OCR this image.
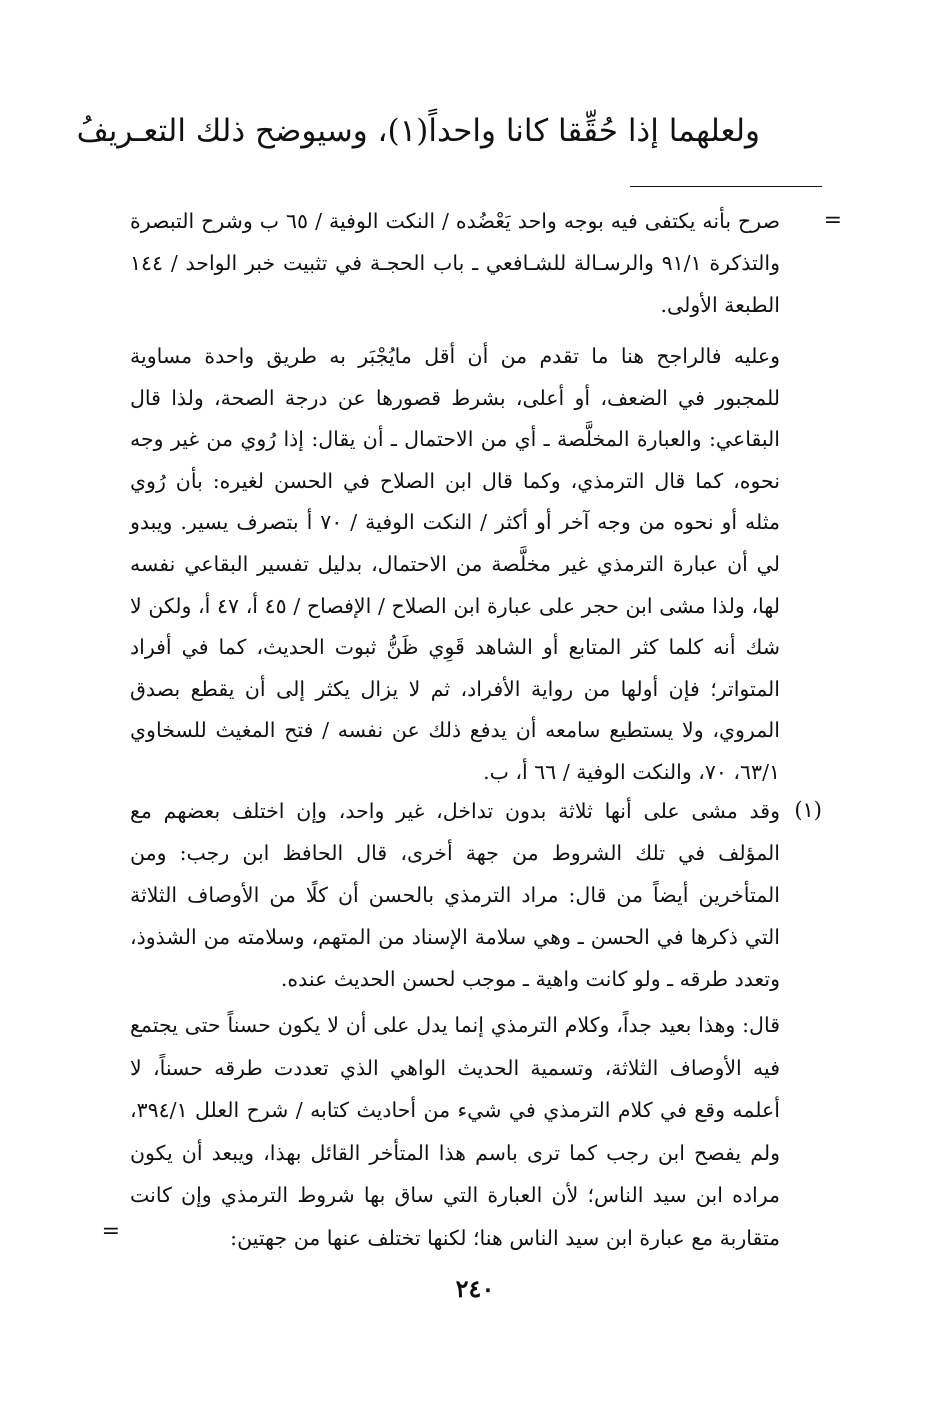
ولعلهما إذا حُقِّقا كانا واحداً(١)، وسيوضح ذلك التعـريفُ
=
صرح بأنه يكتفى فيه بوجه واحد يَعْضُده / النكت الوفية / ٦٥ ب وشرح التبصرة والتذكرة ٩١/١ والرسـالة للشـافعي ـ باب الحجـة في تثبيت خبر الواحد / ١٤٤ الطبعة الأولى.
وعليه فالراجح هنا ما تقدم من أن أقل مايُجْبَر به طريق واحدة مساوية للمجبور في الضعف، أو أعلى، بشرط قصورها عن درجة الصحة، ولذا قال البقاعي: والعبارة المخلَّصة ـ أي من الاحتمال ـ أن يقال: إذا رُوي من غير وجه نحوه، كما قال الترمذي، وكما قال ابن الصلاح في الحسن لغيره: بأن رُوي مثله أو نحوه من وجه آخر أو أكثر / النكت الوفية / ٧٠ أ بتصرف يسير. ويبدو لي أن عبارة الترمذي غير مخلَّصة من الاحتمال، بدليل تفسير البقاعي نفسه لها، ولذا مشى ابن حجر على عبارة ابن الصلاح / الإفصاح / ٤٥ أ، ٤٧ أ، ولكن لا شك أنه كلما كثر المتابع أو الشاهد قَوِي ظَنُّ ثبوت الحديث، كما في أفراد المتواتر؛ فإن أولها من رواية الأفراد، ثم لا يزال يكثر إلى أن يقطع بصدق المروي، ولا يستطيع سامعه أن يدفع ذلك عن نفسه / فتح المغيث للسخاوي ٦٣/١، ٧٠، والنكت الوفية / ٦٦ أ، ب.
(١)
وقد مشى على أنها ثلاثة بدون تداخل، غير واحد، وإن اختلف بعضهم مع المؤلف في تلك الشروط من جهة أخرى، قال الحافظ ابن رجب: ومن المتأخرين أيضاً من قال: مراد الترمذي بالحسن أن كلًا من الأوصاف الثلاثة التي ذكرها في الحسن ـ وهي سلامة الإسناد من المتهم، وسلامته من الشذوذ، وتعدد طرقه ـ ولو كانت واهية ـ موجب لحسن الحديث عنده.
قال: وهذا بعيد جداً، وكلام الترمذي إنما يدل على أن لا يكون حسناً حتى يجتمع فيه الأوصاف الثلاثة، وتسمية الحديث الواهي الذي تعددت طرقه حسناً، لا أعلمه وقع في كلام الترمذي في شيء من أحاديث كتابه / شرح العلل ٣٩٤/١، ولم يفصح ابن رجب كما ترى باسم هذا المتأخر القائل بهذا، ويبعد أن يكون مراده ابن سيد الناس؛ لأن العبارة التي ساق بها شروط الترمذي وإن كانت متقاربة مع عبارة ابن سيد الناس هنا؛ لكنها تختلف عنها من جهتين:
=
٢٤٠
